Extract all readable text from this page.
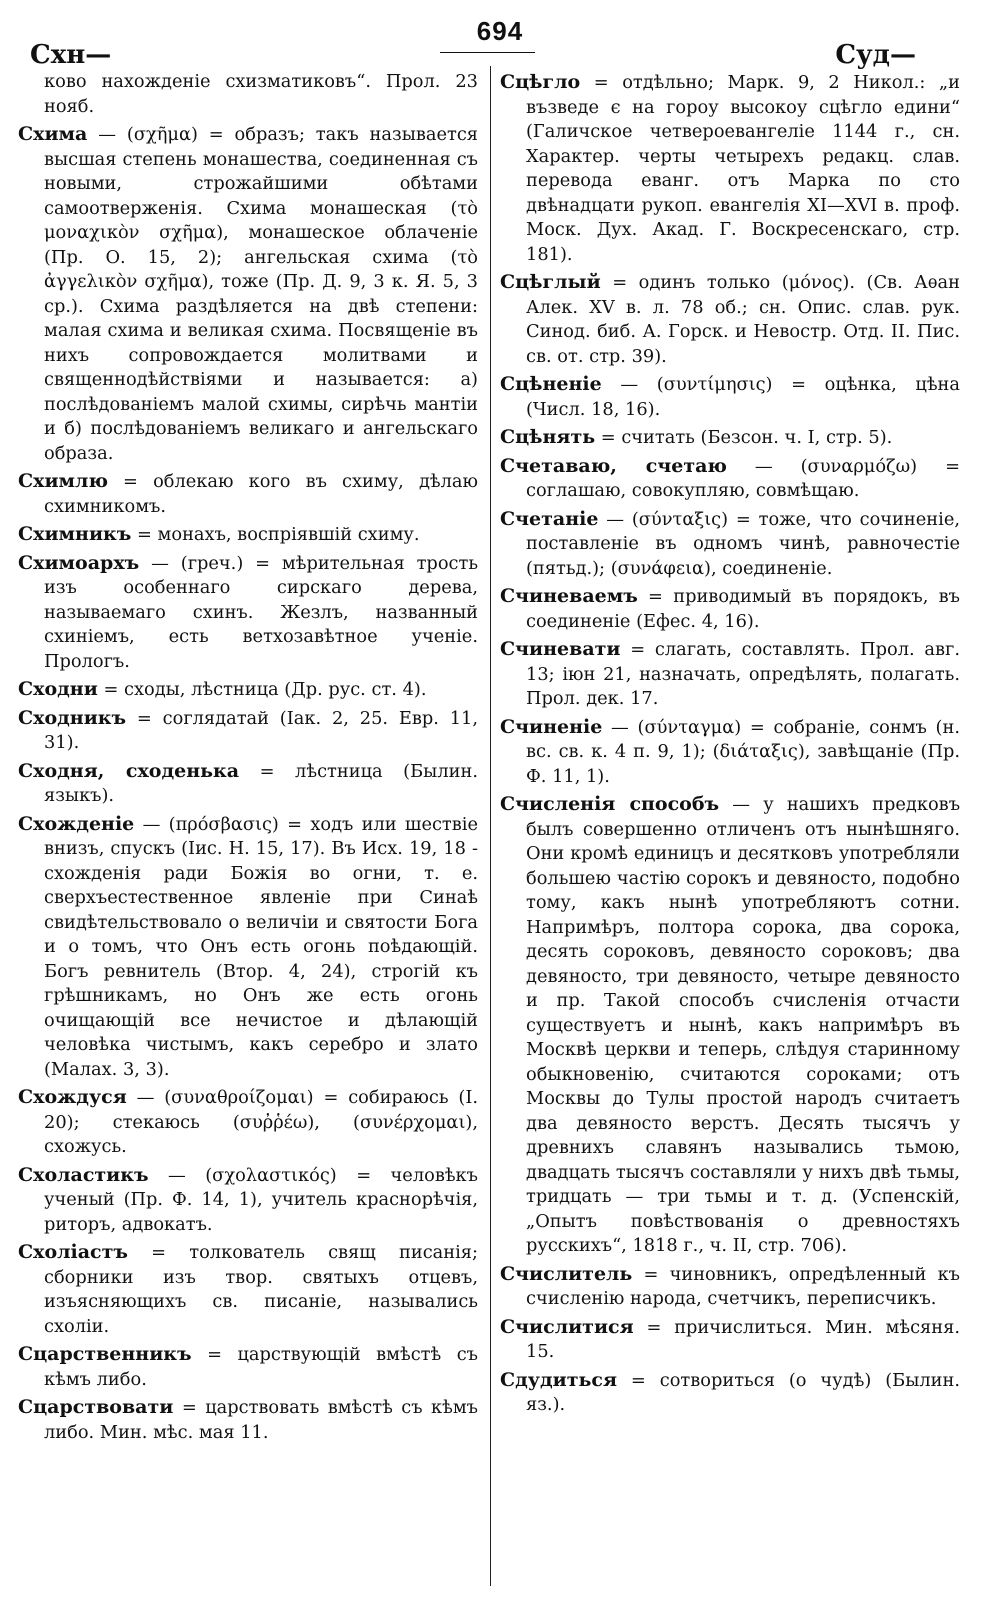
Схн—
694
Суд—

ково нахожденіе схизматиковъ“. Прол. 23 нояб.

Схима — (σχῆμα) = образъ; такъ называется высшая степень монашества, соединенная съ новыми, строжайшими обѣтами самоотверженія. Схима монашеская (τὸ μοναχικὸν σχῆμα), монашеское облаченіе (Пр. О. 15, 2); ангельская схима (τὸ ἀγγελικὸν σχῆμα), тоже (Пр. Д. 9, 3 к. Я. 5, 3 ср.). Схима раздѣляется на двѣ степени: малая схима и великая схима. Посвященіе въ нихъ сопровождается молитвами и священнодѣйствіями и называется: а) послѣдованіемъ малой схимы, сирѣчь мантіи и б) послѣдованіемъ великаго и ангельскаго образа.

Схимлю = облекаю кого въ схиму, дѣлаю схимникомъ.

Схимникъ = монахъ, воспріявшій схиму.

Схимоархъ — (греч.) = мѣрительная трость изъ особеннаго сирскаго дерева, называемаго схинъ. Жезлъ, названный схиніемъ, есть ветхозавѣтное ученіе. Прологъ.

Сходни = сходы, лѣстница (Др. рус. ст. 4).

Сходникъ = соглядатай (Іак. 2, 25. Евр. 11, 31).

Сходня, сходенька = лѣстница (Былин. языкъ).

Схожденіе — (πρόσβασις) = ходъ или шествіе внизъ, спускъ (Іис. Н. 15, 17). Въ Исх. 19, 18 - схожденія ради Божія во огни, т. е. сверхъестественное явленіе при Синаѣ свидѣтельствовало о величіи и святости Бога и о томъ, что Онъ есть огонь поѣдающій. Богъ ревнитель (Втор. 4, 24), строгій къ грѣшникамъ, но Онъ же есть огонь очищающій все нечистое и дѣлающій человѣка чистымъ, какъ серебро и злато (Малах. 3, 3).

Схождуся — (συναθροίζομαι) = собираюсь (I. 20); стекаюсь (συῤῥέω), (συνέρχομαι), схожусь.

Схоластикъ — (σχολαστικός) = человѣкъ ученый (Пр. Ф. 14, 1), учитель краснорѣчія, риторъ, адвокатъ.

Схоліастъ = толкователь свящ писанія; сборники изъ твор. святыхъ отцевъ, изъясняющихъ св. писаніе, назывались схоліи.

Сцарствeнникъ = царствующій вмѣстѣ съ кѣмъ либо.

Сцарствовати = царствовать вмѣстѣ съ кѣмъ либо. Мин. мѣс. мая 11.

Сцѣгло = отдѣльно; Марк. 9, 2 Никол.: „и възведе є на гороу высокоу сцѣгло едини“ (Галичское четвероевангеліе 1144 г., сн. Характер. черты четырехъ редакц. слав. перевода еванг. отъ Марка по сто двѣнадцати рукоп. евангелія XI—XVI в. проф. Моск. Дух. Акад. Г. Воскресенскаго, стр. 181).

Сцѣглый = одинъ только (μόνος). (Св. Аѳан Алек. XV в. л. 78 об.; сн. Опис. слав. рук. Синод. биб. А. Горск. и Невостр. Отд. II. Пис. св. от. стр. 39).

Сцѣненіе — (συντίμησις) = оцѣнка, цѣна (Числ. 18, 16).

Сцѣнять = считать (Безсон. ч. I, стр. 5).

Счетаваю, счетаю — (συναρμόζω) = соглашаю, совокупляю, совмѣщаю.

Счетаніе — (σύνταξις) = тоже, что сочиненіе, поставленіе въ одномъ чинѣ, равночестіе (пятьд.); (συνάφεια), соединеніе.

Счиневаемъ = приводимый въ порядокъ, въ соединеніе (Ефес. 4, 16).

Счиневати = слагать, составлять. Прол. авг. 13; іюн 21, назначать, опредѣлять, полагать. Прол. дек. 17.

Счиненіе — (σύνταγμα) = собраніе, сонмъ (н. вс. св. к. 4 п. 9, 1); (διάταξις), завѣщаніе (Пр. Ф. 11, 1).

Счисленія способъ — у нашихъ предковъ былъ совершенно отличенъ отъ нынѣшняго. Они кромѣ единицъ и десятковъ употребляли большею частію сорокъ и девяносто, подобно тому, какъ нынѣ употребляютъ сотни. Напримѣръ, полтора сорока, два сорока, десять сороковъ, девяносто сороковъ; два девяносто, три девяносто, четыре девяносто и пр. Такой способъ счисленія отчасти существуетъ и нынѣ, какъ напримѣръ въ Москвѣ церкви и теперь, слѣдуя старинному обыкновенію, считаются сороками; отъ Москвы до Тулы простой народъ считаетъ два девяносто верстъ. Десять тысячъ у древнихъ славянъ назывались тьмою, двадцать тысячъ составляли у нихъ двѣ тьмы, тридцать — три тьмы и т. д. (Успенскій, „Опытъ повѣствованія о древностяхъ русскихъ“, 1818 г., ч. II, стр. 706).

Счислитель = чиновникъ, опредѣленный къ счисленію народа, счетчикъ, переписчикъ.

Счислитися = причислиться. Мин. мѣсяня. 15.

Сдудиться = сотвориться (о чудѣ) (Былин. яз.).
